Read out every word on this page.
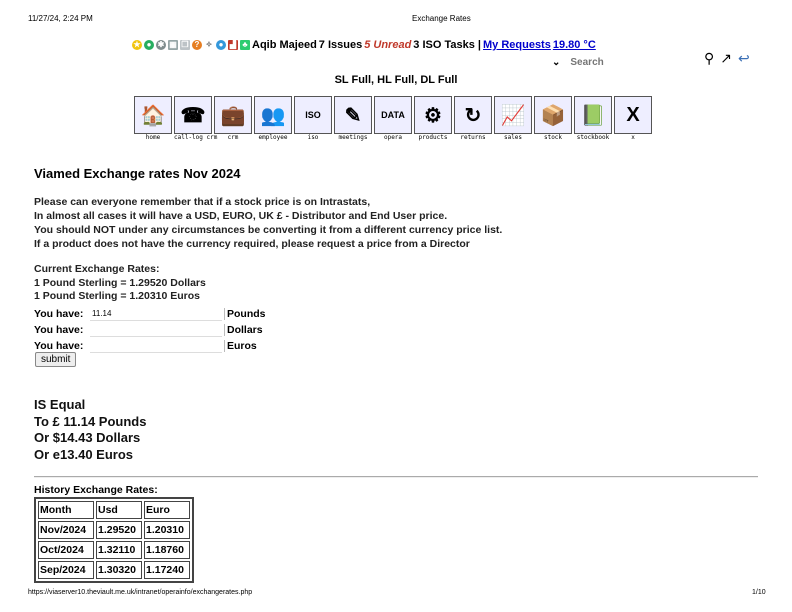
11/27/24, 2:24 PM	Exchange Rates
★ ● ✱ ▦ ❐ ? ✧ ● ▟ ♣ Aqib Majeed 7 Issues 5 Unread 3 ISO Tasks | My Requests 19.80 °C
⌄
Search	⚲ ↗ ↩
SL Full, HL Full, DL Full
🏠
home
☎
call-log crm
💼
crm
👥
employee
ISO
iso
✎
meetings
DATA
opera
⚙
products
↻
returns
📈
sales
📦
stock
📗
stockbook
X
x
Viamed Exchange rates Nov 2024
Please can everyone remember that if a stock price is on Intrastats,
In almost all cases it will have a USD, EURO, UK £ - Distributor and End User price.
You should NOT under any circumstances be converting it from a different currency price list.
If a product does not have the currency required, please request a price from a Director
Current Exchange Rates:
1 Pound Sterling = 1.29520 Dollars
1 Pound Sterling = 1.20310 Euros
You have:
11.14	Pounds
You have:	Dollars
You have:	Euros
submit
IS Equal
To £ 11.14 Pounds
Or $14.43 Dollars
Or e13.40 Euros
History Exchange Rates:
Month	Usd	Euro
Nov/2024	1.29520	1.20310
Oct/2024	1.32110	1.18760
Sep/2024	1.30320	1.17240
https://viaserver10.theviault.me.uk/intranet/operainfo/exchangerates.php	1/10
